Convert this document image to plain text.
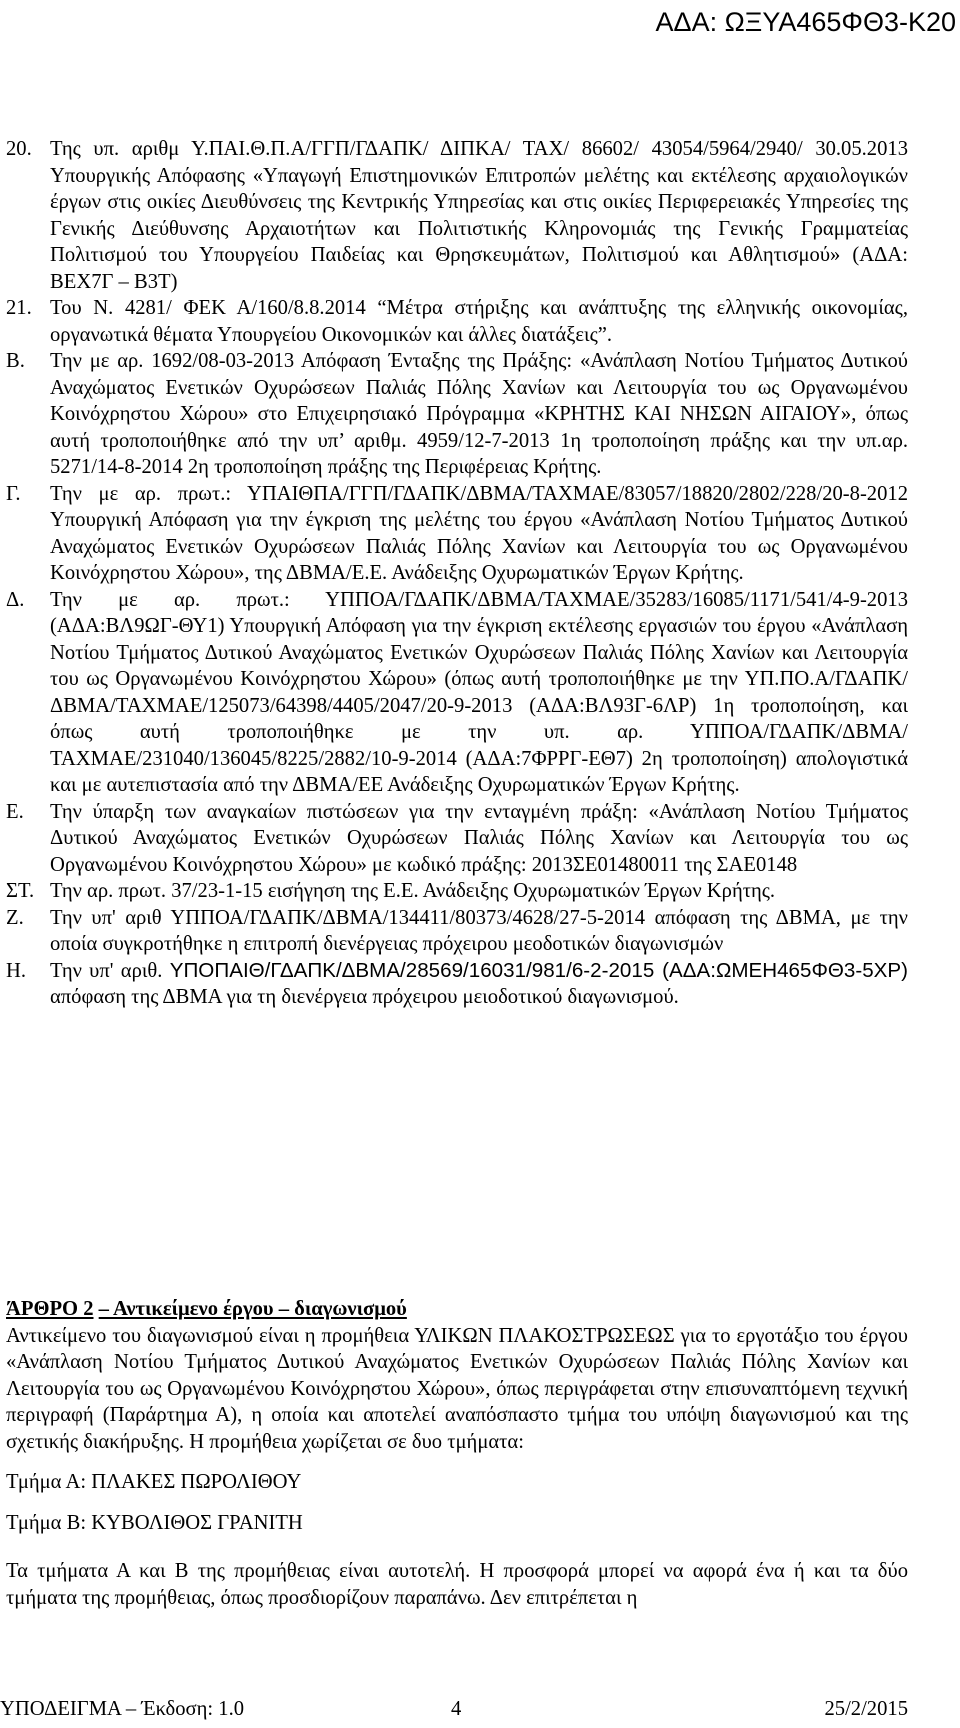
ΑΔΑ: ΩΞΥΑ465ΦΘ3-Κ20
20. Της υπ. αριθμ Υ.ΠΑΙ.Θ.Π.Α/ΓΓΠ/ΓΔΑΠΚ/ ΔΙΠΚΑ/ ΤΑΧ/ 86602/ 43054/5964/2940/ 30.05.2013 Υπουργικής Απόφασης «Υπαγωγή Επιστημονικών Επιτροπών μελέτης και εκτέλεσης αρχαιολογικών έργων στις οικίες Διευθύνσεις της Κεντρικής Υπηρεσίας και στις οικίες Περιφερειακές Υπηρεσίες της Γενικής Διεύθυνσης Αρχαιοτήτων και Πολιτιστικής Κληρονομιάς της Γενικής Γραμματείας Πολιτισμού του Υπουργείου Παιδείας και Θρησκευμάτων, Πολιτισμού και Αθλητισμού» (ΑΔΑ: ΒΕΧ7Γ – Β3Τ)
21. Του Ν. 4281/ ΦΕΚ Α/160/8.8.2014 “Μέτρα στήριξης και ανάπτυξης της ελληνικής οικονομίας, οργανωτικά θέματα Υπουργείου Οικονομικών και άλλες διατάξεις”.
Β. Την με αρ. 1692/08-03-2013 Απόφαση Ένταξης της Πράξης: «Ανάπλαση Νοτίου Τμήματος Δυτικού Αναχώματος Ενετικών Οχυρώσεων Παλιάς Πόλης Χανίων και Λειτουργία του ως Οργανωμένου Κοινόχρηστου Χώρου» στο Επιχειρησιακό Πρόγραμμα «ΚΡΗΤΗΣ ΚΑΙ ΝΗΣΩΝ ΑΙΓΑΙΟΥ», όπως αυτή τροποποιήθηκε από την υπ’ αριθμ. 4959/12-7-2013 1η τροποποίηση πράξης και την υπ.αρ. 5271/14-8-2014 2η τροποποίηση πράξης της Περιφέρειας Κρήτης.
Γ. Την με αρ. πρωτ.: ΥΠΑΙΘΠΑ/ΓΓΠ/ΓΔΑΠΚ/ΔΒΜΑ/ΤΑΧΜΑΕ/83057/18820/2802/228/20-8-2012 Υπουργική Απόφαση για την έγκριση της μελέτης του έργου «Ανάπλαση Νοτίου Τμήματος Δυτικού Αναχώματος Ενετικών Οχυρώσεων Παλιάς Πόλης Χανίων και Λειτουργία του ως Οργανωμένου Κοινόχρηστου Χώρου», της ΔΒΜΑ/Ε.Ε. Ανάδειξης Οχυρωματικών Έργων Κρήτης.
Δ. Την με αρ. πρωτ.: ΥΠΠΟΑ/ΓΔΑΠΚ/ΔΒΜΑ/ΤΑΧΜΑΕ/35283/16085/1171/541/4-9-2013 (ΑΔΑ:ΒΛ9ΩΓ-ΘΥ1) Υπουργική Απόφαση για την έγκριση εκτέλεσης εργασιών του έργου «Ανάπλαση Νοτίου Τμήματος Δυτικού Αναχώματος Ενετικών Οχυρώσεων Παλιάς Πόλης Χανίων και Λειτουργία του ως Οργανωμένου Κοινόχρηστου Χώρου» (όπως αυτή τροποποιήθηκε με την ΥΠ.ΠΟ.Α/ΓΔΑΠΚ/ΔΒΜΑ/ΤΑΧΜΑΕ/125073/64398/4405/2047/20-9-2013 (ΑΔΑ:ΒΛ93Γ-6ΛΡ) 1η τροποποίηση, και όπως αυτή τροποποιήθηκε με την υπ. αρ. ΥΠΠΟΑ/ΓΔΑΠΚ/ΔΒΜΑ/ΤΑΧΜΑΕ/231040/136045/8225/2882/10-9-2014 (ΑΔΑ:7ΦΡΡΓ-ΕΘ7) 2η τροποποίηση) απολογιστικά και με αυτεπιστασία από την ΔΒΜΑ/ΕΕ Ανάδειξης Οχυρωματικών Έργων Κρήτης.
Ε. Την ύπαρξη των αναγκαίων πιστώσεων για την ενταγμένη πράξη: «Ανάπλαση Νοτίου Τμήματος Δυτικού Αναχώματος Ενετικών Οχυρώσεων Παλιάς Πόλης Χανίων και Λειτουργία του ως Οργανωμένου Κοινόχρηστου Χώρου» με κωδικό πράξης: 2013ΣΕ01480011 της ΣΑΕ0148
ΣΤ. Την αρ. πρωτ. 37/23-1-15 εισήγηση της Ε.Ε. Ανάδειξης Οχυρωματικών Έργων Κρήτης.
Ζ. Την υπ' αριθ ΥΠΠΟΑ/ΓΔΑΠΚ/ΔΒΜΑ/134411/80373/4628/27-5-2014 απόφαση της ΔΒΜΑ, με την οποία συγκροτήθηκε η επιτροπή διενέργειας πρόχειρου μεοδοτικών διαγωνισμών
Η. Την υπ' αριθ. ΥΠΟΠΑΙΘ/ΓΔΑΠΚ/ΔΒΜΑ/28569/16031/981/6-2-2015 (ΑΔΑ:ΩΜΕΗ465ΦΘ3-5ΧΡ) απόφαση της ΔΒΜΑ για τη διενέργεια πρόχειρου μειοδοτικού διαγωνισμού.
ΆΡΘΡΟ 2 – Αντικείμενο έργου – διαγωνισμού
Αντικείμενο του διαγωνισμού είναι η προμήθεια ΥΛΙΚΩΝ ΠΛΑΚΟΣΤΡΩΣΕΩΣ για το εργοτάξιο του έργου «Ανάπλαση Νοτίου Τμήματος Δυτικού Αναχώματος Ενετικών Οχυρώσεων Παλιάς Πόλης Χανίων και Λειτουργία του ως Οργανωμένου Κοινόχρηστου Χώρου», όπως περιγράφεται στην επισυναπτόμενη τεχνική περιγραφή (Παράρτημα Α), η οποία και αποτελεί αναπόσπαστο τμήμα του υπόψη διαγωνισμού και της σχετικής διακήρυξης. Η προμήθεια χωρίζεται σε δυο τμήματα:
Τμήμα Α: ΠΛΑΚΕΣ ΠΩΡΟΛΙΘΟΥ
Τμήμα Β: ΚΥΒΟΛΙΘΟΣ ΓΡΑΝΙΤΗ
Τα τμήματα Α και Β της προμήθειας είναι αυτοτελή. Η προσφορά μπορεί να αφορά ένα ή και τα δύο τμήματα της προμήθειας, όπως προσδιορίζουν παραπάνω. Δεν επιτρέπεται η
ΥΠΟΔΕΙΓΜΑ – Έκδοση: 1.0	4	25/2/2015
